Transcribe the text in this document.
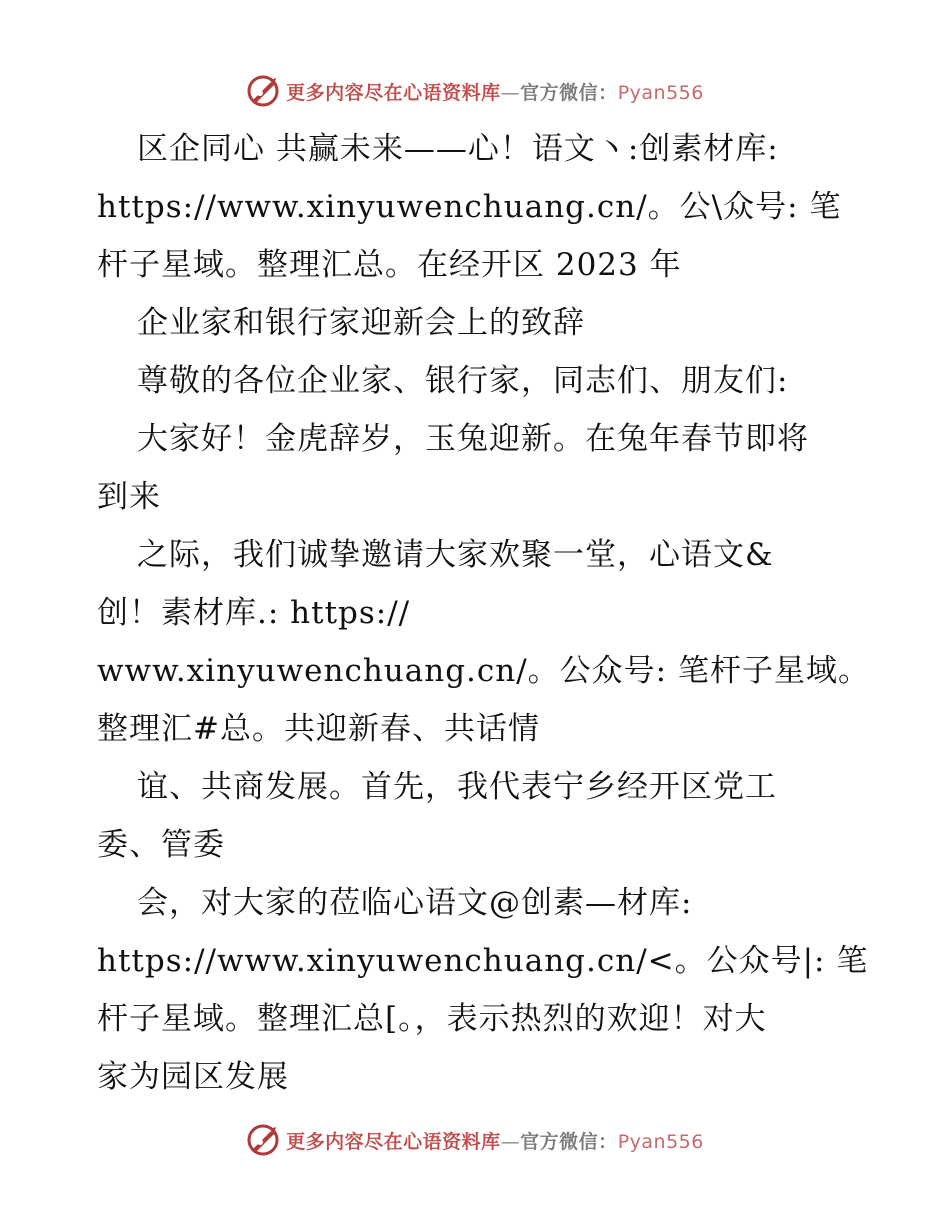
更多内容尽在心语资料库—官方微信：Pyan556
区企同心 共赢未来——心！语文丶:创素材库:
https://www.xinyuwenchuang.cn/。公\众号: 笔
杆子星域。整理汇总。在经开区 2023 年
企业家和银行家迎新会上的致辞
尊敬的各位企业家、银行家，同志们、朋友们:
大家好！金虎辞岁，玉兔迎新。在兔年春节即将
到来
之际，我们诚挚邀请大家欢聚一堂，心语文&
创！素材库.: https://
www.xinyuwenchuang.cn/。公众号: 笔杆子星域。
整理汇#总。共迎新春、共话情
谊、共商发展。首先，我代表宁乡经开区党工
委、管委
会，对大家的莅临心语文@创素—材库:
https://www.xinyuwenchuang.cn/<。公众号|: 笔
杆子星域。整理汇总[。，表示热烈的欢迎！对大
家为园区发展
更多内容尽在心语资料库—官方微信：Pyan556
